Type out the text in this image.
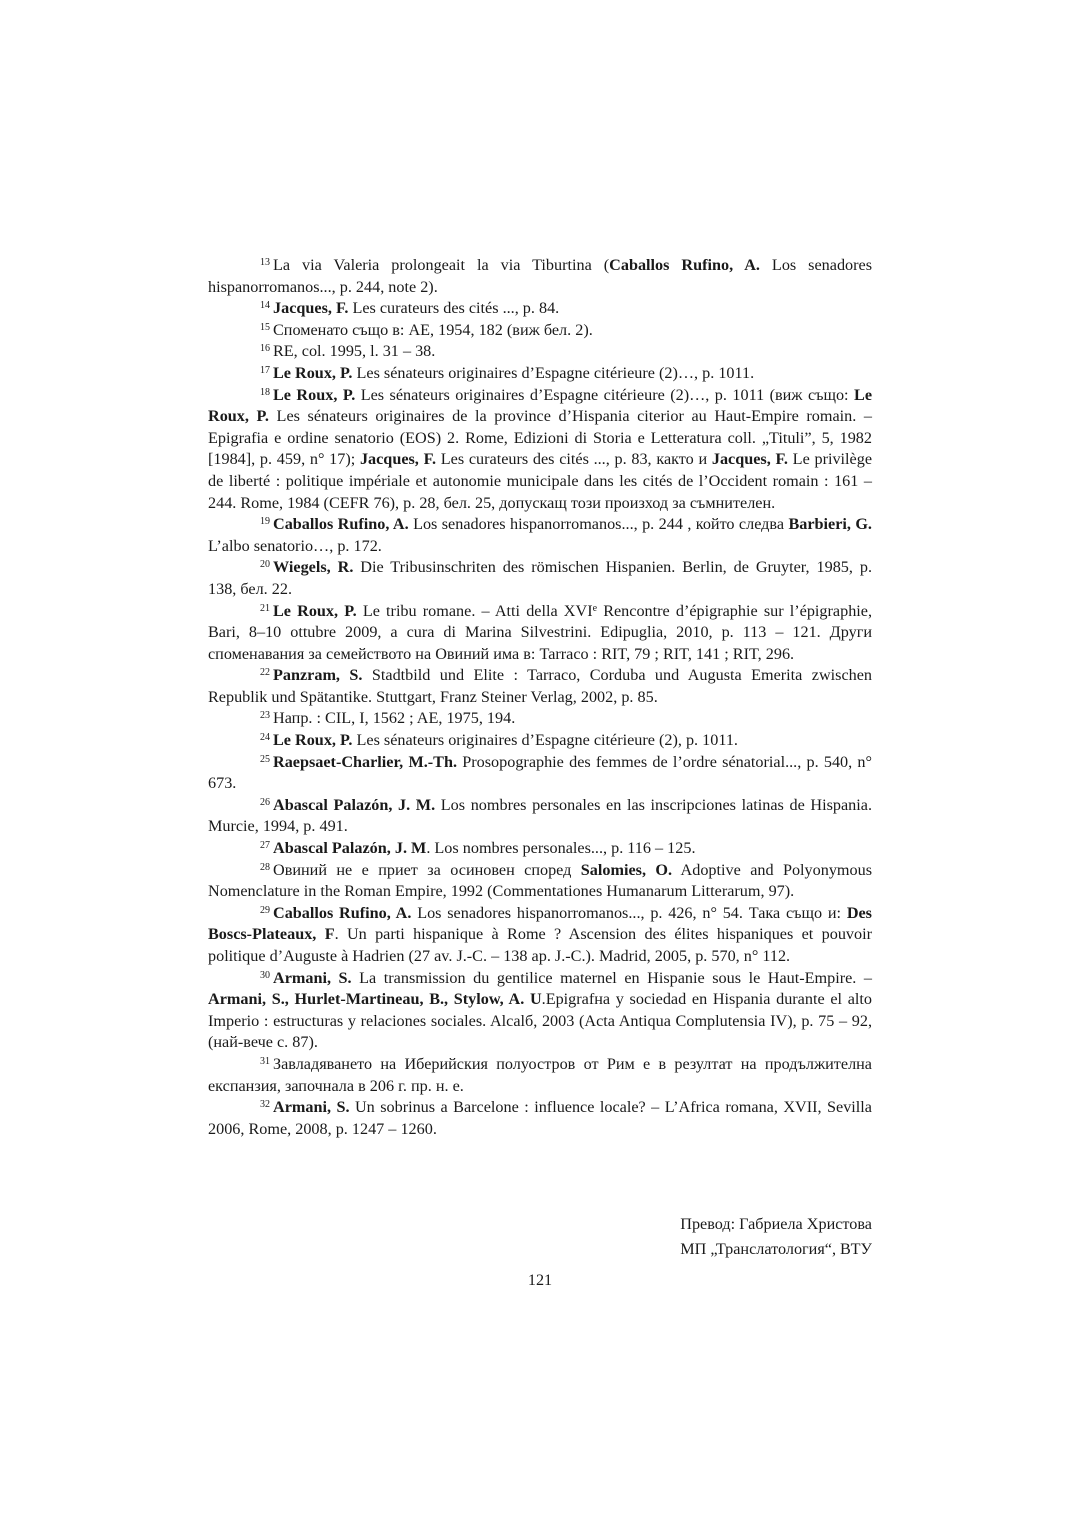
$^{13}$ La via Valeria prolongeait la via Tiburtina (Caballos Rufino, A. Los senadores hispanorromanos..., p. 244, note 2).

$^{14}$ Jacques, F. Les curateurs des cités ..., p. 84.

$^{15}$ Споменато също в: AE, 1954, 182 (виж бел. 2).

$^{16}$ RE, col. 1995, l. 31 – 38.

$^{17}$ Le Roux, P. Les sénateurs originaires d’Espagne citérieure (2)…, p. 1011.

$^{18}$ Le Roux, P. Les sénateurs originaires d’Espagne citérieure (2)…, p. 1011 (виж също: Le Roux, P. Les sénateurs originaires de la province d’Hispania citerior au Haut-Empire romain. – Epigrafia e ordine senatorio (EOS) 2. Rome, Edizioni di Storia e Letteratura coll. „Tituli”, 5, 1982 [1984], p. 459, n° 17); Jacques, F. Les curateurs des cités ..., p. 83, както и Jacques, F. Le privilège de liberté : politique impériale et autonomie municipale dans les cités de l’Occident romain : 161 – 244. Rome, 1984 (CEFR 76), p. 28, бел. 25, допускащ този произход за съмнителен.

$^{19}$ Caballos Rufino, A. Los senadores hispanorromanos..., p. 244 , който следва Barbieri, G. L’albo senatorio…, p. 172.

$^{20}$ Wiegels, R. Die Tribusinschriten des römischen Hispanien. Berlin, de Gruyter, 1985, p. 138, бел. 22.

$^{21}$ Le Roux, P. Le tribu romane. – Atti della XVIe Rencontre d’épigraphie sur l’épigraphie, Bari, 8–10 ottubre 2009, a cura di Marina Silvestrini. Edipuglia, 2010, p. 113 – 121. Други споменавания за семейството на Овиний има в: Tarraco : RIT, 79 ; RIT, 141 ; RIT, 296.

$^{22}$ Panzram, S. Stadtbild und Elite : Tarraco, Corduba und Augusta Emerita zwischen Republik und Spätantike. Stuttgart, Franz Steiner Verlag, 2002, p. 85.

$^{23}$ Напр. : CIL, I, 1562 ; AE, 1975, 194.

$^{24}$ Le Roux, P. Les sénateurs originaires d’Espagne citérieure (2), p. 1011.

$^{25}$ Raepsaet-Charlier, M.-Th. Prosopographie des femmes de l’ordre sénatorial..., p. 540, n° 673.

$^{26}$ Abascal Palazón, J. M. Los nombres personales en las inscripciones latinas de Hispania. Murcie, 1994, p. 491.

$^{27}$ Abascal Palazón, J. M. Los nombres personales..., p. 116 – 125.

$^{28}$ Овиний не е приет за осиновен според Salomies, O. Adoptive and Polyonymous Nomenclature in the Roman Empire, 1992 (Commentationes Humanarum Litterarum, 97).

$^{29}$ Caballos Rufino, A. Los senadores hispanorromanos..., p. 426, n° 54. Така също и: Des Boscs-Plateaux, F. Un parti hispanique à Rome ? Ascension des élites hispaniques et pouvoir politique d’Auguste à Hadrien (27 av. J.-C. – 138 ap. J.-C.). Madrid, 2005, p. 570, n° 112.

$^{30}$ Armani, S. La transmission du gentilice maternel en Hispanie sous le Haut-Empire. – Armani, S., Hurlet-Martineau, B., Stylow, A. U.Epigrafнa y sociedad en Hispania durante el alto Imperio : estructuras y relaciones sociales. Alcalб, 2003 (Acta Antiqua Complutensia IV), p. 75 – 92, (най-вече с. 87).

$^{31}$ Завладяването на Иберийския полуостров от Рим е в резултат на продължителна експанзия, започнала в 206 г. пр. н. е.

$^{32}$ Armani, S. Un sobrinus a Barcelone : influence locale? – L’Africa romana, XVII, Sevilla 2006, Rome, 2008, p. 1247 – 1260.

Превод: Габриела Христова
МП „Транслатология“, ВТУ
121
